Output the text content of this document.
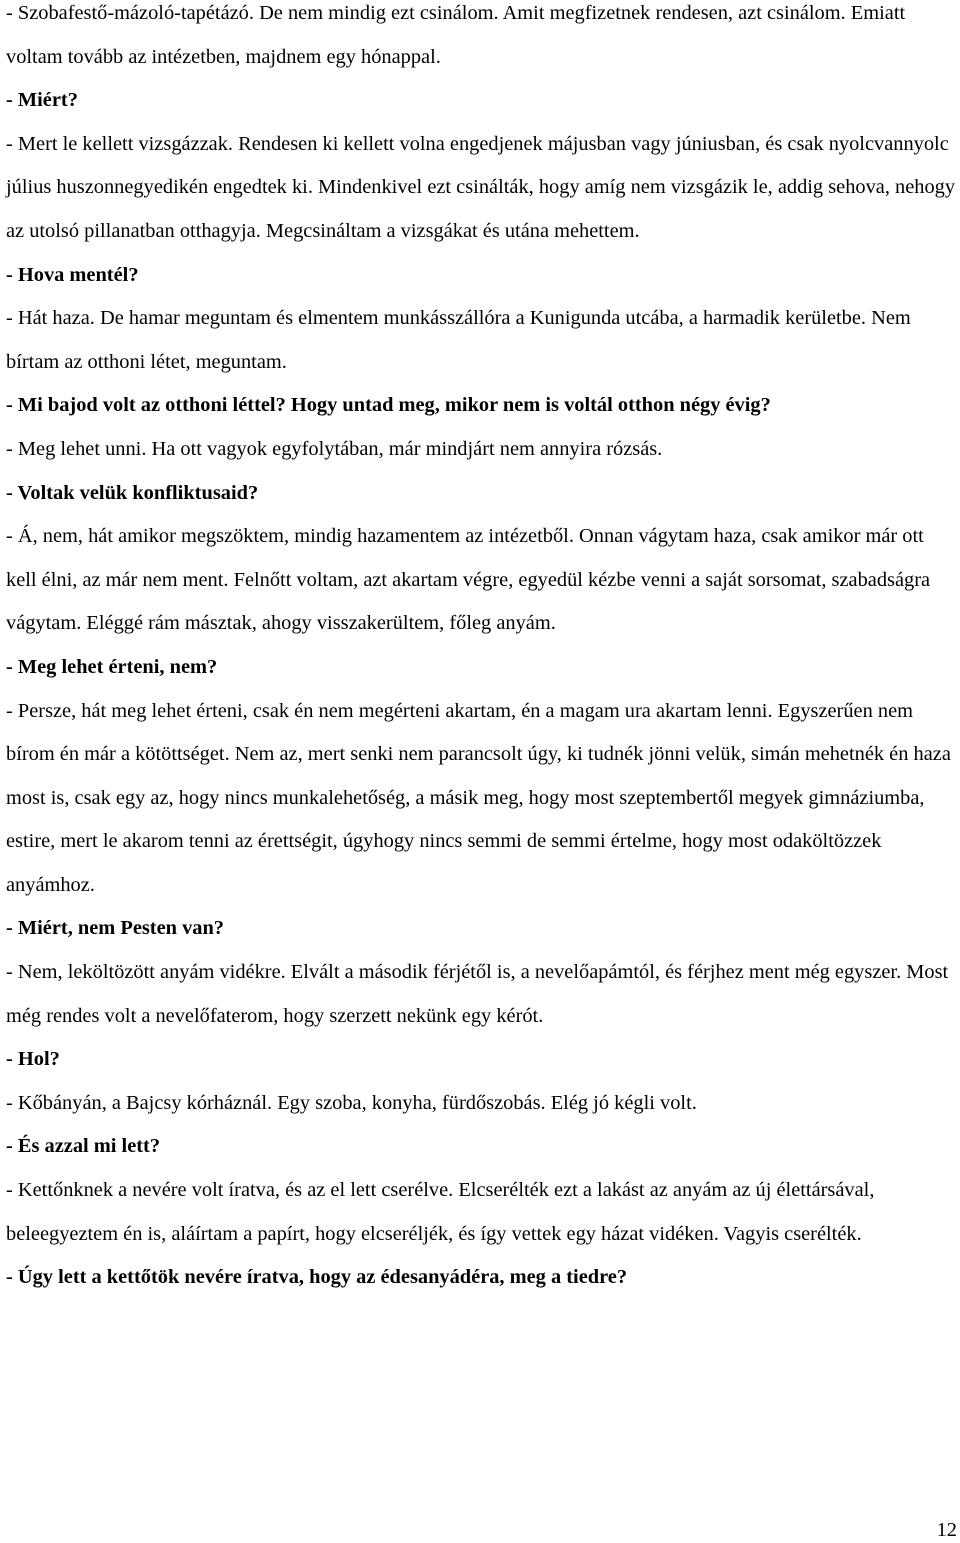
- Szobafestő-mázoló-tapétázó. De nem mindig ezt csinálom. Amit megfizetnek rendesen, azt csinálom. Emiatt voltam tovább az intézetben, majdnem egy hónappal.

- Miért?

- Mert le kellett vizsgázzak. Rendesen ki kellett volna engedjenek májusban vagy júniusban, és csak nyolcvannyolc július huszonnegyedikén engedtek ki. Mindenkivel ezt csinálták, hogy amíg nem vizsgázik le, addig sehova, nehogy az utolsó pillanatban otthagyja. Megcsináltam a vizsgákat és utána mehettem.

- Hova mentél?

- Hát haza. De hamar meguntam és elmentem munkásszállóra a Kunigunda utcába, a harmadik kerületbe. Nem bírtam az otthoni létet, meguntam.

- Mi bajod volt az otthoni léttel? Hogy untad meg, mikor nem is voltál otthon négy évig?

- Meg lehet unni. Ha ott vagyok egyfolytában, már mindjárt nem annyira rózsás.

- Voltak velük konfliktusaid?

- Á, nem, hát amikor megszöktem, mindig hazamentem az intézetből. Onnan vágytam haza, csak amikor már ott kell élni, az már nem ment. Felnőtt voltam, azt akartam végre, egyedül kézbe venni a saját sorsomat, szabadságra vágytam. Eléggé rám másztak, ahogy visszakerültem, főleg anyám.

- Meg lehet érteni, nem?

- Persze, hát meg lehet érteni, csak én nem megérteni akartam, én a magam ura akartam lenni. Egyszerűen nem bírom én már a kötöttséget. Nem az, mert senki nem parancsolt úgy, ki tudnék jönni velük, simán mehetnék én haza most is, csak egy az, hogy nincs munkalehetőség, a másik meg, hogy most szeptembertől megyek gimnáziumba, estire, mert le akarom tenni az érettségit, úgyhogy nincs semmi de semmi értelme, hogy most odaköltözzek anyámhoz.

- Miért, nem Pesten van?

- Nem, leköltözött anyám vidékre. Elvált a második férjétől is, a nevelőapámtól, és férjhez ment még egyszer. Most még rendes volt a nevelőfaterom, hogy szerzett nekünk egy kérót.

- Hol?

- Kőbányán, a Bajcsy kórháznál. Egy szoba, konyha, fürdőszobás. Elég jó kégli volt.

- És azzal mi lett?

- Kettőnknek a nevére volt íratva, és az el lett cserélve. Elcserélték ezt a lakást az anyám az új élettársával, beleegyeztem én is, aláírtam a papírt, hogy elcseréljék, és így vettek egy házat vidéken. Vagyis cserélték.

- Úgy lett a kettőtök nevére íratva, hogy az édesanyádéra, meg a tiedre?

12
